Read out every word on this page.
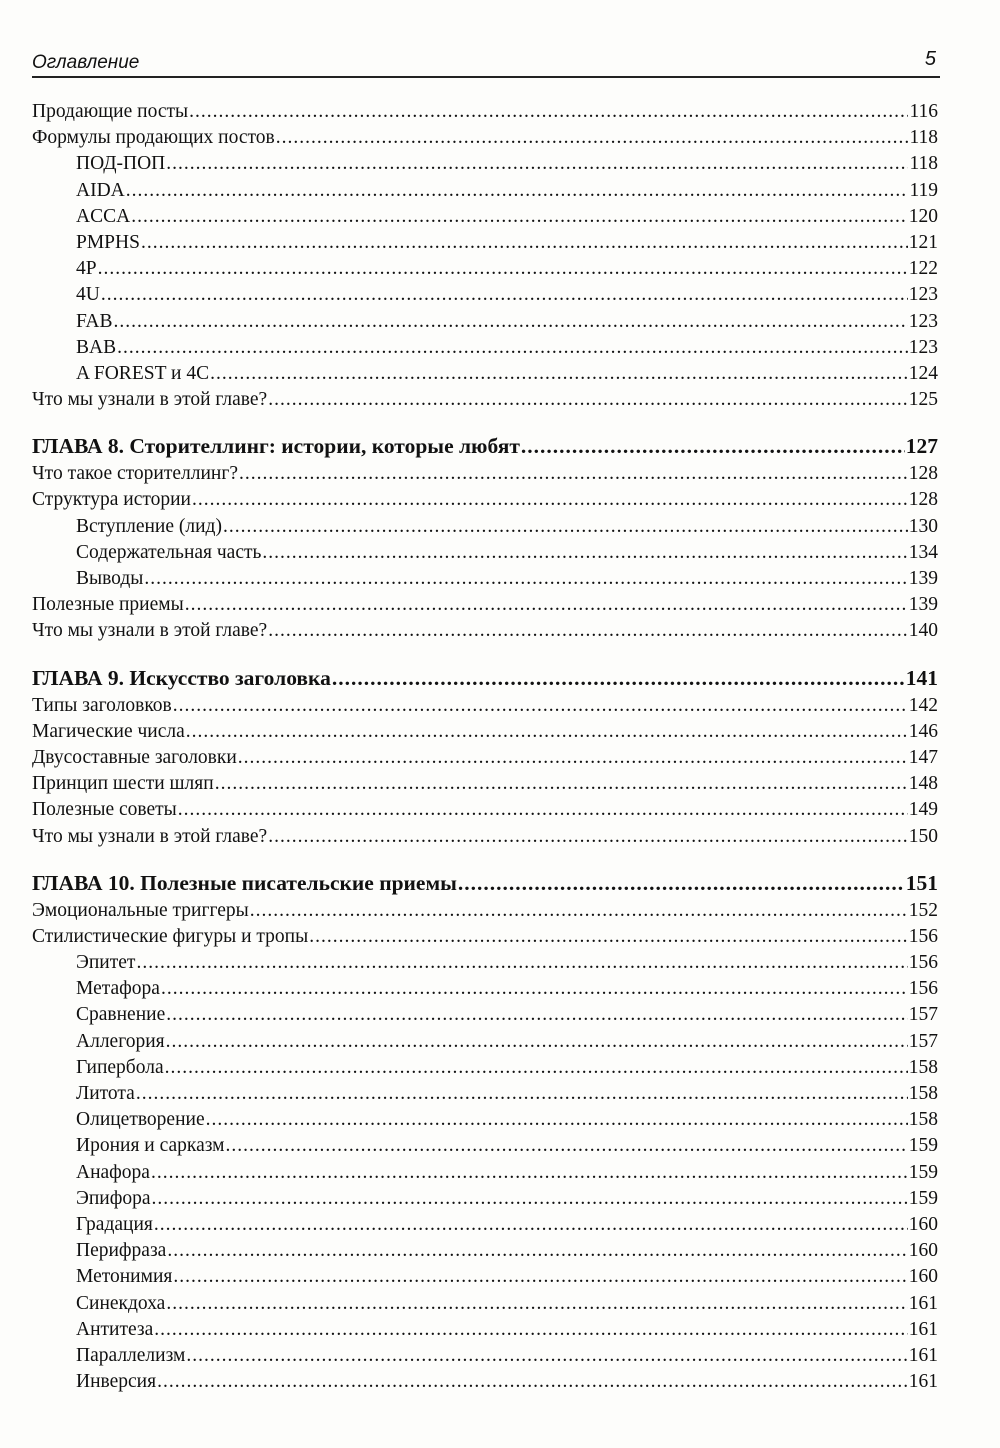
Оглавление	5
Продающие посты .....	116
Формулы продающих постов .....	118
ПОД-ПОП .....	118
AIDA .....	119
ACCA .....	120
PMPHS .....	121
4P .....	122
4U .....	123
FAB .....	123
BAB .....	123
A FOREST и 4C .....	124
Что мы узнали в этой главе? .....	125
ГЛАВА 8. Сторителлинг: истории, которые любят .....	127
Что такое сторителлинг? .....	128
Структура истории .....	128
Вступление (лид) .....	130
Содержательная часть .....	134
Выводы .....	139
Полезные приемы .....	139
Что мы узнали в этой главе? .....	140
ГЛАВА 9. Искусство заголовка .....	141
Типы заголовков .....	142
Магические числа .....	146
Двусоставные заголовки .....	147
Принцип шести шляп .....	148
Полезные советы .....	149
Что мы узнали в этой главе? .....	150
ГЛАВА 10. Полезные писательские приемы .....	151
Эмоциональные триггеры .....	152
Стилистические фигуры и тропы .....	156
Эпитет .....	156
Метафора .....	156
Сравнение .....	157
Аллегория .....	157
Гипербола .....	158
Литота .....	158
Олицетворение .....	158
Ирония и сарказм .....	159
Анафора .....	159
Эпифора .....	159
Градация .....	160
Перифраза .....	160
Метонимия .....	160
Синекдоха .....	161
Антитеза .....	161
Параллелизм .....	161
Инверсия .....	161
